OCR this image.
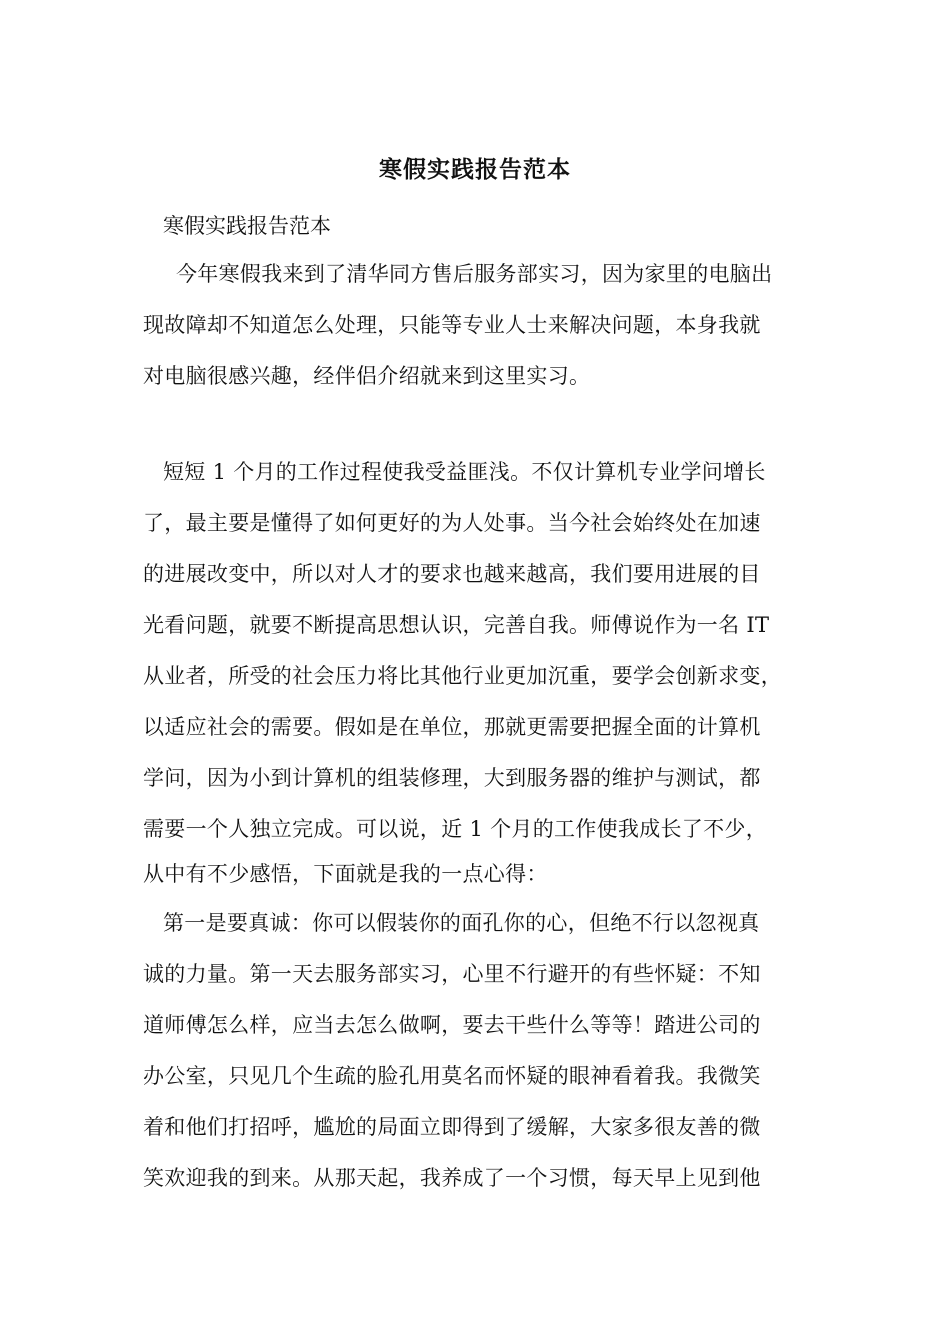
寒假实践报告范本
寒假实践报告范本
今年寒假我来到了清华同方售后服务部实习，因为家里的电脑出
现故障却不知道怎么处理，只能等专业人士来解决问题，本身我就
对电脑很感兴趣，经伴侣介绍就来到这里实习。
短短 1 个月的工作过程使我受益匪浅。不仅计算机专业学问增长
了，最主要是懂得了如何更好的为人处事。当今社会始终处在加速
的进展改变中，所以对人才的要求也越来越高，我们要用进展的目
光看问题，就要不断提高思想认识，完善自我。师傅说作为一名 IT
从业者，所受的社会压力将比其他行业更加沉重，要学会创新求变，
以适应社会的需要。假如是在单位，那就更需要把握全面的计算机
学问，因为小到计算机的组装修理，大到服务器的维护与测试，都
需要一个人独立完成。可以说，近 1 个月的工作使我成长了不少，
从中有不少感悟，下面就是我的一点心得：
第一是要真诚：你可以假装你的面孔你的心，但绝不行以忽视真
诚的力量。第一天去服务部实习，心里不行避开的有些怀疑：不知
道师傅怎么样，应当去怎么做啊，要去干些什么等等！踏进公司的
办公室，只见几个生疏的脸孔用莫名而怀疑的眼神看着我。我微笑
着和他们打招呼，尴尬的局面立即得到了缓解，大家多很友善的微
笑欢迎我的到来。从那天起，我养成了一个习惯，每天早上见到他
